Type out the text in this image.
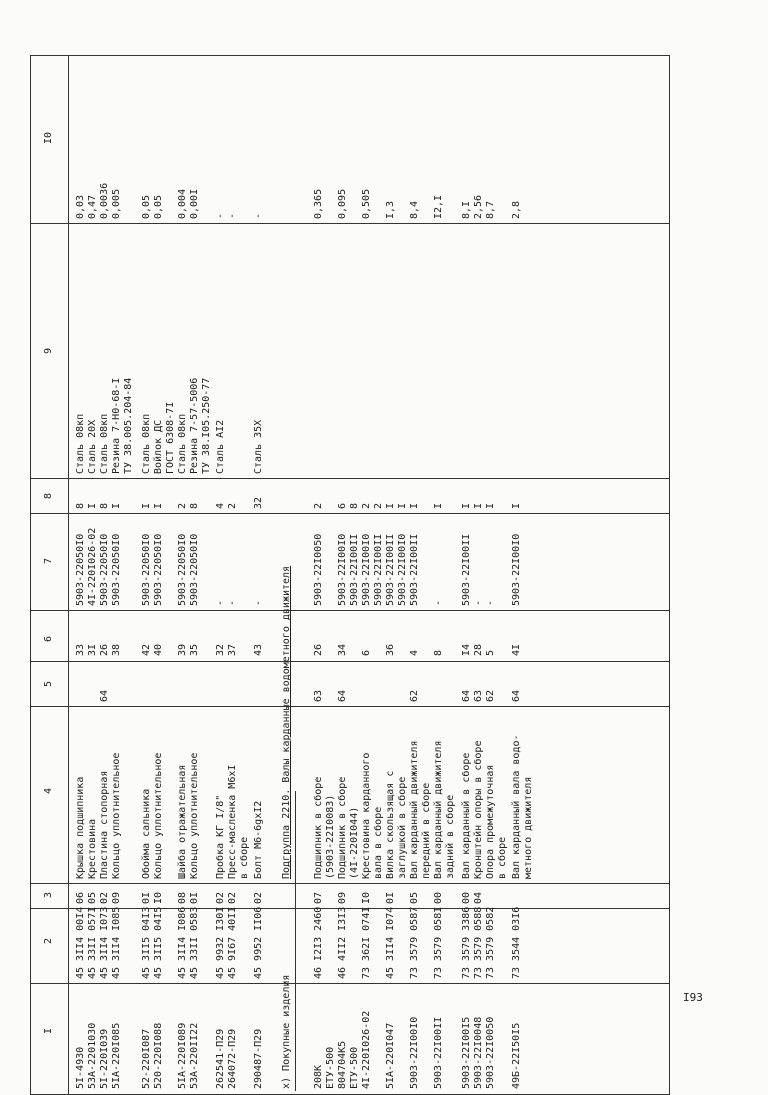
I
2
3
4
5
6
7
8
9
I0
x) Покупные изделия
Подгруппа 2210. Валы карданные водометного движителя
5I-4930
45 3II4 00I4
06
Крышка подшипника
33
5903-22050I0
8
Сталь 08кп
0,03
53А-2201030
45 33II 057I
05
Крестовина
3I
4I-220I026-02
I
Сталь 20Х
0,47
5I-220I039
45 3II4 I073
02
Пластина стопорная
64
26
5903-22050I0
8
Сталь 08кп
0,0036
5IА-220I085
45 3II4 I085
09
Кольцо уплотнительное
38
5903-22050I0
I
Резина 7-Н0-68-I
0,005
ТУ 38.005.204-84
52-220I087
45 3II5 04I3
0I
Обойма сальника
42
5903-22050I0
I
Сталь 08кп
0,05
520-220I088
45 3II5 04I5
I0
Кольцо уплотнительное
40
5903-22050I0
I
Войлок ДС
0,05
ГОСТ 6308-7I
5IА-220I089
45 3II4 I086
08
Шайба отражательная
39
5903-22050I0
2
Сталь 08кп
0,004
53А-220II22
45 33II 0583
0I
Кольцо уплотнительное
35
5903-22050I0
8
Резина 7-57-5006
0,00I
ТУ 38.I05.250-77
262541-П29
45 9932 I30I
02
Пробка КГ I/8"
32
-
4
Сталь АI2
-
264072-П29
45 9I67 40II
02
Пресс-масленка М6хI
37
-
2
-
в сборе
290487-П29
45 9952 II06
02
Болт М6-6gxI2
43
-
32
Сталь 35Х
-
208К
46 I2I3 2460
07
Подшипник в сборе
63
26
5903-22I0050
2
0,365
ЕТУ-500
(5903-22I0083)
804704К5
46 4II2 I3I3
09
Подшипник в сборе
64
34
5903-22I00I0
6
0,095
ЕТУ-500
(4I-220I044)
5903-22I00II
8
4I-220I026-02
73 362I 074I
I0
Крестовина карданного
6
5903-22I00I0
2
0,505
вала в сборе
5903-22I00II
2
5IА-220I047
45 3II4 I074
0I
Вилка скользящая с
36
5903-22I00II
I
I,3
заглушкой в сборе
5903-22I00I0
I
5903-22I00I0
73 3579 0587
05
Вал карданный движителя
62
4
5903-22I00II
I
8,4
передний в сборе
5903-22I00II
73 3579 058I
00
Вал карданный движителя
8
-
I
I2,I
задний в сборе
5903-22I00I5
73 3579 3386
00
Вал карданный в сборе
64
I4
5903-22I00II
I
8,I
5903-22I0048
73 3579 0588
04
Кронштейн опоры в сборе
63
28
-
I
2,56
5903-22I0050
73 3579 0582
Опора промежуточная
62
5
-
I
8,7
в сборе
49Б-22I50I5
73 3544 03I6
Вал карданный вала водо-
64
4I
5903-22I00I0
I
2,8
метного движителя
I93
